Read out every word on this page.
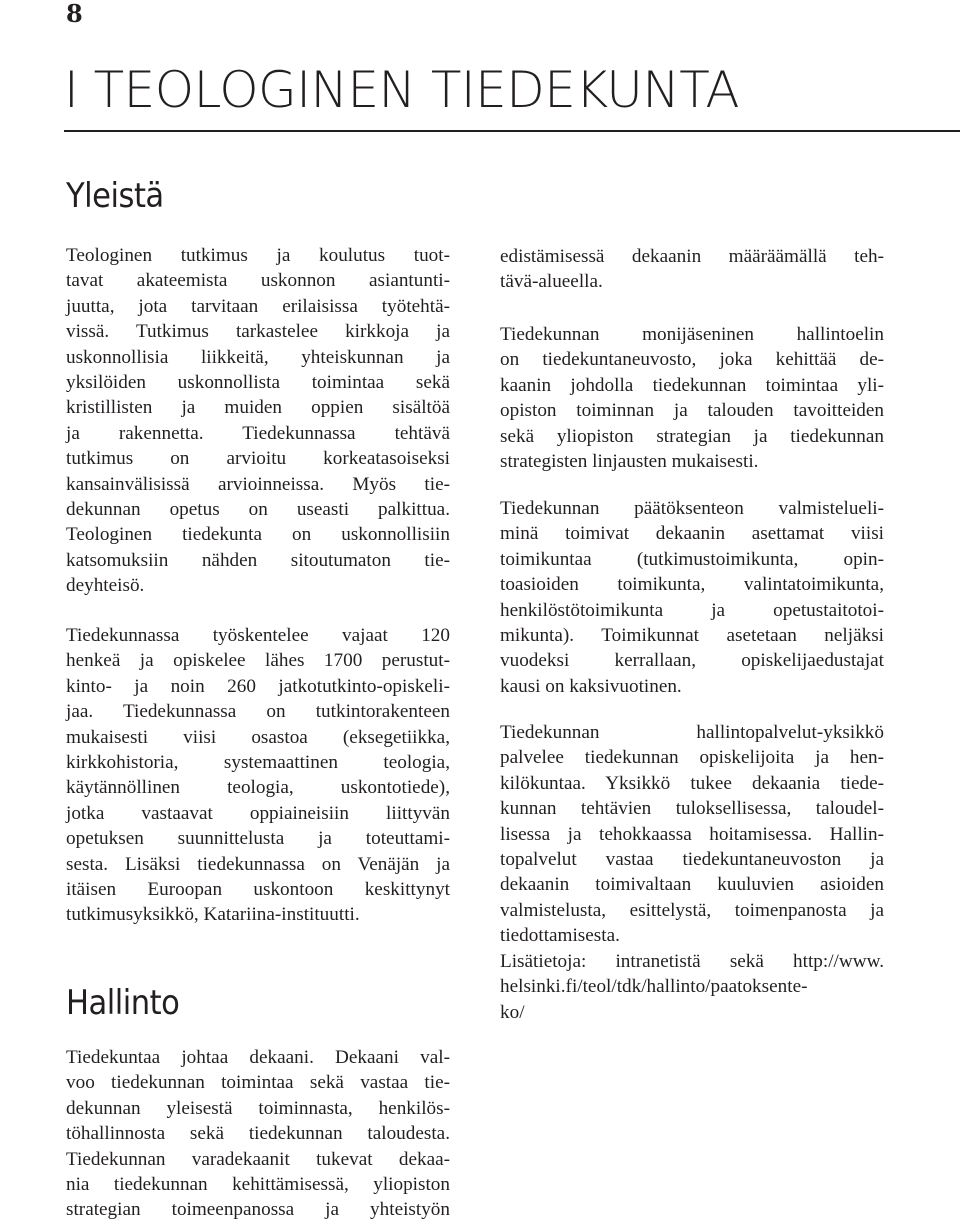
8
I TEOLOGINEN TIEDEKUNTA
Yleistä

Teologinen tutkimus ja koulutus tuot-
tavat akateemista uskonnon asiantunti-
juutta, jota tarvitaan erilaisissa työtehtä-
vissä. Tutkimus tarkastelee kirkkoja ja
uskonnollisia liikkeitä, yhteiskunnan ja
yksilöiden uskonnollista toimintaa sekä
kristillisten ja muiden oppien sisältöä
ja rakennetta. Tiedekunnassa tehtävä
tutkimus on arvioitu korkeatasoiseksi
kansainvälisissä arvioinneissa. Myös tie-
dekunnan opetus on useasti palkittua.
Teologinen tiedekunta on uskonnollisiin
katsomuksiin nähden sitoutumaton tie-
deyhteisö.

Tiedekunnassa työskentelee vajaat 120
henkeä ja opiskelee lähes 1700 perustut-
kinto- ja noin 260 jatkotutkinto-opiskeli-
jaa. Tiedekunnassa on tutkintorakenteen
mukaisesti viisi osastoa (eksegetiikka,
kirkkohistoria, systemaattinen teologia,
käytännöllinen teologia, uskontotiede),
jotka vastaavat oppiaineisiin liittyvän
opetuksen suunnittelusta ja toteuttami-
sesta. Lisäksi tiedekunnassa on Venäjän ja
itäisen Euroopan uskontoon keskittynyt
tutkimusyksikkö, Katariina-instituutti.

Hallinto

Tiedekuntaa johtaa dekaani. Dekaani val-
voo tiedekunnan toimintaa sekä vastaa tie-
dekunnan yleisestä toiminnasta, henkilös-
töhallinnosta sekä tiedekunnan taloudesta.
Tiedekunnan varadekaanit tukevat dekaa-
nia tiedekunnan kehittämisessä, yliopiston
strategian toimeenpanossa ja yhteistyön

edistämisessä dekaanin määräämällä teh-
tävä-alueella.

Tiedekunnan monijäseninen hallintoelin
on tiedekuntaneuvosto, joka kehittää de-
kaanin johdolla tiedekunnan toimintaa yli-
opiston toiminnan ja talouden tavoitteiden
sekä yliopiston strategian ja tiedekunnan
strategisten linjausten mukaisesti.

Tiedekunnan päätöksenteon valmistelueli-
minä toimivat dekaanin asettamat viisi
toimikuntaa (tutkimustoimikunta, opin-
toasioiden toimikunta, valintatoimikunta,
henkilöstötoimikunta ja opetustaitotoi-
mikunta). Toimikunnat asetetaan neljäksi
vuodeksi kerrallaan, opiskelijaedustajat
kausi on kaksivuotinen.

Tiedekunnan hallintopalvelut-yksikkö
palvelee tiedekunnan opiskelijoita ja hen-
kilökuntaa. Yksikkö tukee dekaania tiede-
kunnan tehtävien tuloksellisessa, taloudel-
lisessa ja tehokkaassa hoitamisessa. Hallin-
topalvelut vastaa tiedekuntaneuvoston ja
dekaanin toimivaltaan kuuluvien asioiden
valmistelusta, esittelystä, toimenpanosta ja
tiedottamisesta.

Lisätietoja: intranetistä sekä http://www.
helsinki.fi/teol/tdk/hallinto/paatoksente-
ko/
